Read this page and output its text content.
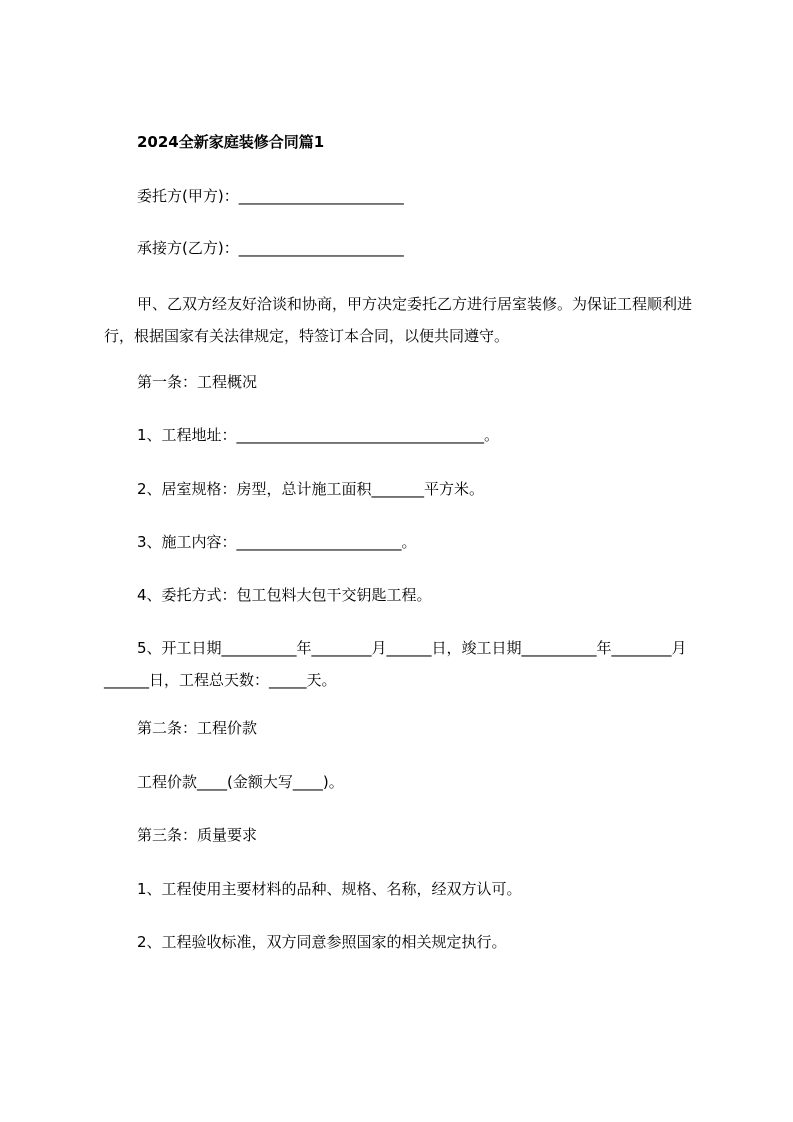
2024全新家庭装修合同篇1
委托方(甲方)：______________________
承接方(乙方)：______________________
甲、乙双方经友好洽谈和协商，甲方决定委托乙方进行居室装修。为保证工程顺利进行，根据国家有关法律规定，特签订本合同，以便共同遵守。
第一条：工程概况
1、工程地址：_________________________________。
2、居室规格：房型，总计施工面积_______平方米。
3、施工内容：______________________。
4、委托方式：包工包料大包干交钥匙工程。
5、开工日期__________年________月______日，竣工日期__________年________月______日，工程总天数：_____天。
第二条：工程价款
工程价款____(金额大写____)。
第三条：质量要求
1、工程使用主要材料的品种、规格、名称，经双方认可。
2、工程验收标准，双方同意参照国家的相关规定执行。
